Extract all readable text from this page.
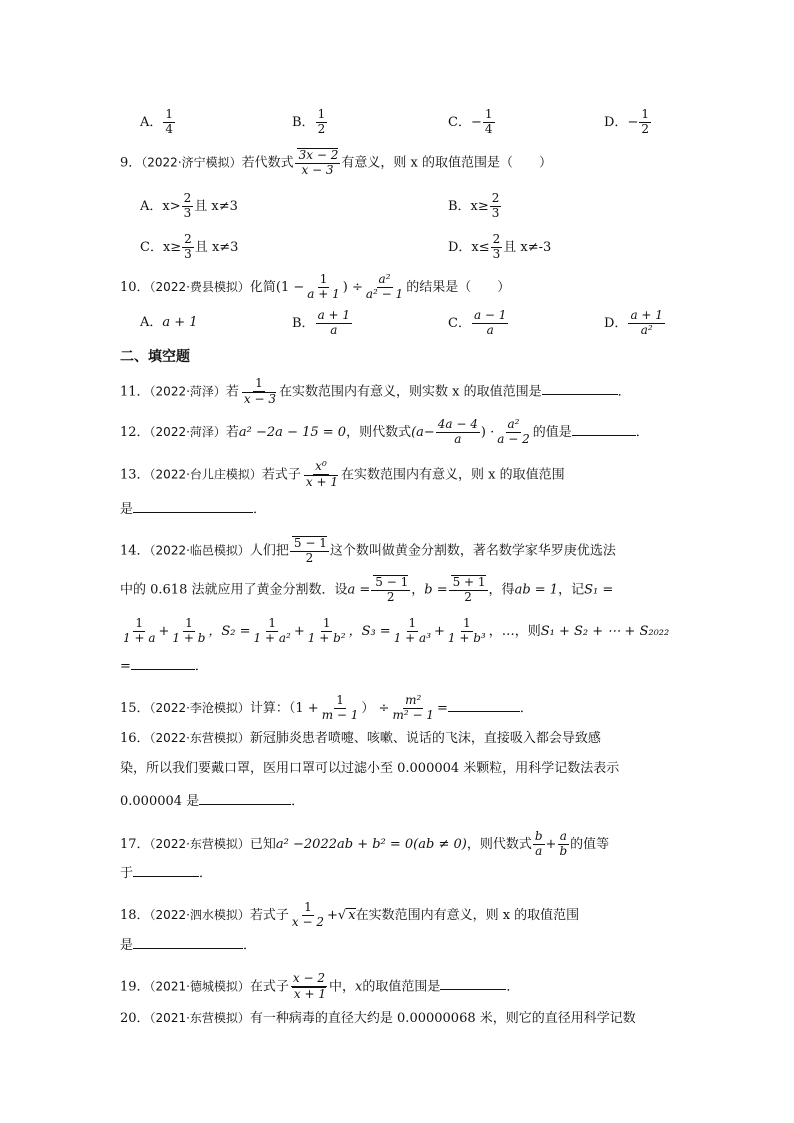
A． $\frac{1}{4}$	B． $\frac{1}{2}$	C．− $\frac{1}{4}$	D．− $\frac{1}{2}$
9．（2022·济宁模拟）若代数式 $\frac{3x - 2}{x - 3}$ 有意义，则 x 的取值范围是（　　）
A．$x> \frac{2}{3}$ 且 x≠3	B．$x\ge \frac{2}{3}$
C．$x\ge \frac{2}{3}$ 且 x≠3	D．$x\le \frac{2}{3}$ 且 x≠-3
10．（2022·费县模拟）化简($1 - \frac{1}{a + 1}$ ) ÷ $\frac{\text{a²}}{\text{a² − 1}}$ 的结果是（　　）
A．a + 1	B． $\frac{a + 1}{a}$	C． $\frac{a - 1}{a}$	D． $\frac{a + 1}{\text{a²}}$
二、填空题
11．（2022·菏泽）若 $\frac{1}{x - 3}$ 在实数范围内有意义，则实数 x 的取值范围是	．
12．（2022·菏泽）若a² −2a − 15 = 0，则代数式($a- \frac{4a - 4}{a}$ ) · $\frac{\text{a²}}{a - 2}$ 的值是	．
13．（2022·台儿庄模拟）若式子 $\frac{\text{x⁰}}{x + 1}$ 在实数范围内有意义，则 x 的取值范围
是	．
14．（2022·临邑模拟）人们把 $\frac{5 - 1}{2}$ 这个数叫做黄金分割数，著名数学家华罗庚优选法
中的 0.618 法就应用了黄金分割数．设$a = \frac{5 - 1}{2}$ ，$b = \frac{5 + 1}{2}$ ，得ab = 1，记S₁ =
$\frac{1}{1 + a} + \frac{1}{1 + b}$ ，$S_2 = \frac{1}{\text{1 + a²}} + \frac{1}{\text{1 + b²}}$ ，$S_3 = \frac{1}{\text{1 + a³}} + \frac{1}{\text{1 + b³}}$ ，…，则S₁ + S₂ + ⋯ + S₂₀₂₂
=	．
15．（2022·李沧模拟）计算：（$1 + \frac{1}{m - 1}$ ） ÷ $\frac{\text{m²}}{\text{m² − 1}}$ =	．
16．（2022·东营模拟）新冠肺炎患者喷嚏、咳嗽、说话的飞沫，直接吸入都会导致感
染，所以我们要戴口罩，医用口罩可以过滤小至 0.000004 米颗粒，用科学记数法表示
0.000004 是	．
17．（2022·东营模拟）已知a² −2022ab + b² = 0(ab ≠ 0)，则代数式 $\frac{b}{a} + \frac{a}{b}$ 的值等
于	．
18．（2022·泗水模拟）若式子 $\frac{1}{x - 2}$ +√ x在实数范围内有意义，则 x 的取值范围
是	．
19．（2021·德城模拟）在式子 $\frac{x - 2}{x + 1}$ 中，x的取值范围是	．
20．（2021·东营模拟）有一种病毒的直径大约是 0.00000068 米，则它的直径用科学记数
